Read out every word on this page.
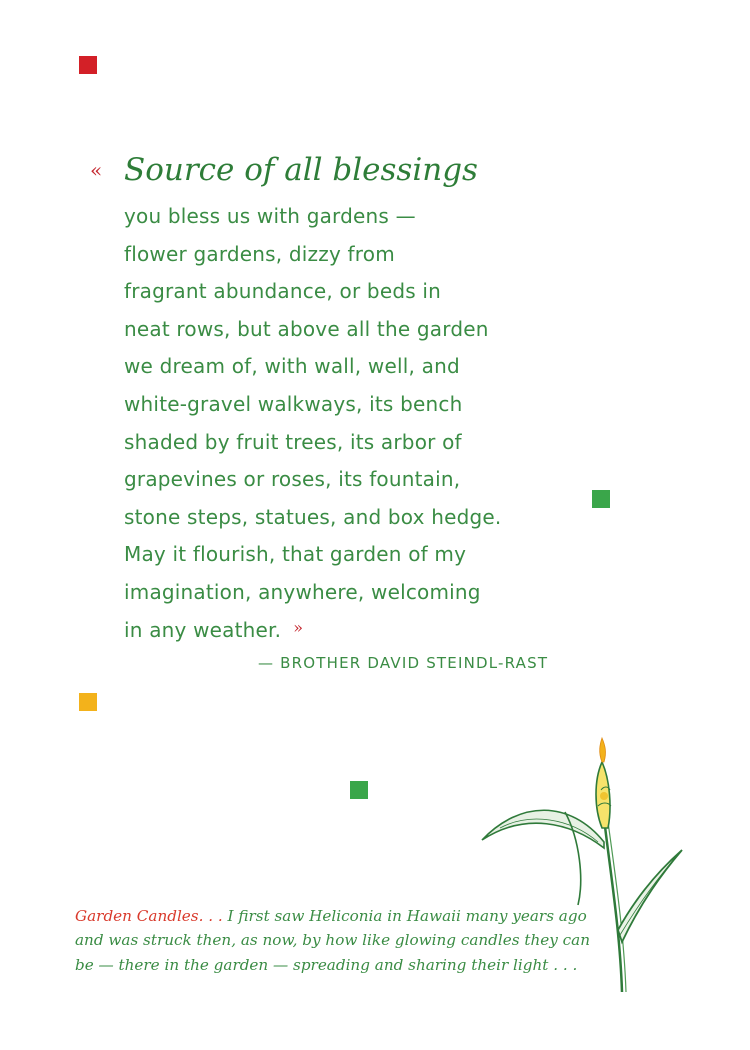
« Source of all blessings
you bless us with gardens —
flower gardens, dizzy from
fragrant abundance, or beds in
neat rows, but above all the garden
we dream of, with wall, well, and
white-gravel walkways, its bench
shaded by fruit trees, its arbor of
grapevines or roses, its fountain,
stone steps, statues, and box hedge.
May it flourish, that garden of my
imagination, anywhere, welcoming
in any weather. »
— BROTHER DAVID STEINDL-RAST
Garden Candles. . . I first saw Heliconia in Hawaii many years ago
and was struck then, as now, by how like glowing candles they can
be — there in the garden — spreading and sharing their light . . .
